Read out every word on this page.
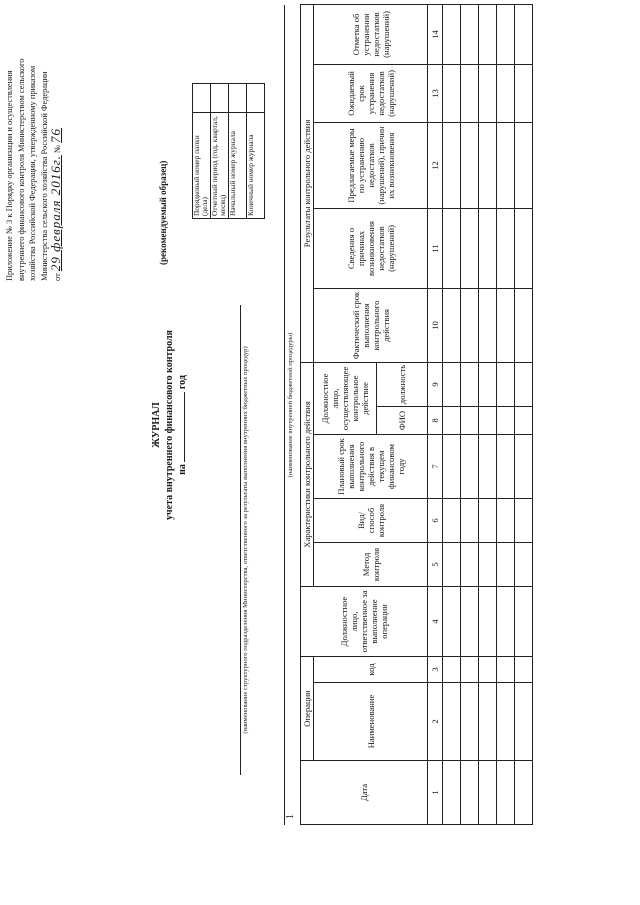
Приложение № 3 к Порядку организации и осуществления внутреннего финансового контроля Министерством сельского хозяйства Российской Федерации, утвержденному приказом Министерства сельского хозяйства Российской Федерации от 29 февраля 2016г. № 76
(рекомендуемый образец)	Порядковый номер папки (дела)	
Отчетный период (год, квартал, месяц)	
Начальный номер журнала	
Конечный номер журнала	
ЖУРНАЛ учета внутреннего финансового контроля на  год	(наименование структурного подразделения Министерства, ответственного за результаты выполнения внутренних бюджетных процедур)	(наименование внутренней бюджетной процедуры)
1
Дата	Операции		Должностное лицо, ответственное за выполнение операции	Характеристики контрольного действия					Результаты контрольного действия				
	Наименование	код		Метод контроля	Вид/способ контроля	Плановый срок выполнения контрольного действия в текущем финансовом году	Должностное лицо, осуществляющее контрольное действие		Фактический срок выполнения контрольного действия	Сведения о причинах возникновения недостатков (нарушений)	Предлагаемые меры по устранению недостатков (нарушений), причин их возникновения	Ожидаемый срок устранения недостатков (нарушений)	Отметка об устранении недостатков (нарушений)
							ФИО	должность					
1	2	3	4	5	6	7	8	9	10	11	12	13	14
